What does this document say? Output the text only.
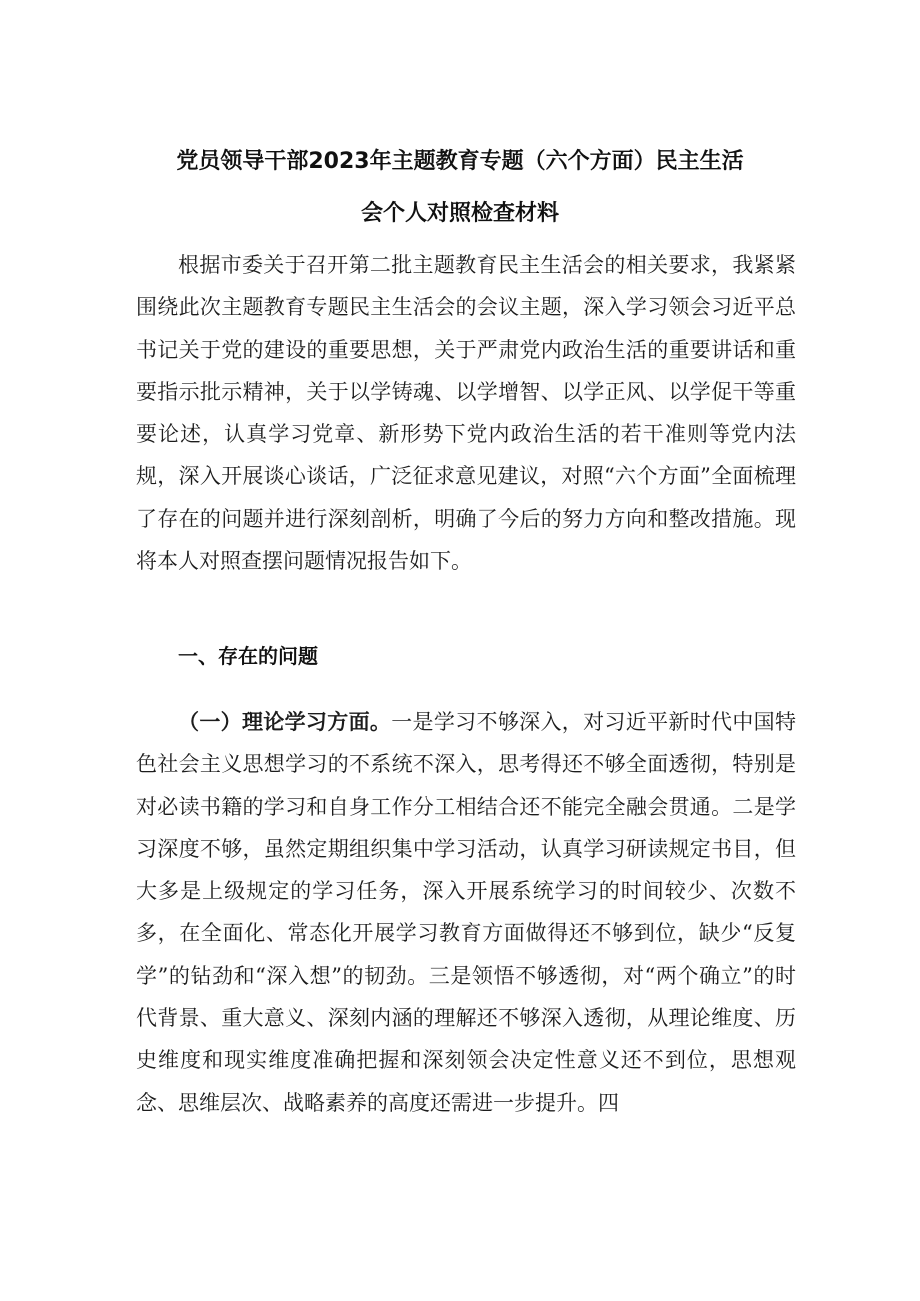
党员领导干部2023年主题教育专题（六个方面）民主生活
会个人对照检查材料

根据市委关于召开第二批主题教育民主生活会的相关要求，我紧紧围绕此次主题教育专题民主生活会的会议主题，深入学习领会习近平总书记关于党的建设的重要思想，关于严肃党内政治生活的重要讲话和重要指示批示精神，关于以学铸魂、以学增智、以学正风、以学促干等重要论述，认真学习党章、新形势下党内政治生活的若干准则等党内法规，深入开展谈心谈话，广泛征求意见建议，对照“六个方面”全面梳理了存在的问题并进行深刻剖析，明确了今后的努力方向和整改措施。现将本人对照查摆问题情况报告如下。

一、存在的问题

（一）理论学习方面。一是学习不够深入，对习近平新时代中国特色社会主义思想学习的不系统不深入，思考得还不够全面透彻，特别是对必读书籍的学习和自身工作分工相结合还不能完全融会贯通。二是学习深度不够，虽然定期组织集中学习活动，认真学习研读规定书目，但大多是上级规定的学习任务，深入开展系统学习的时间较少、次数不多，在全面化、常态化开展学习教育方面做得还不够到位，缺少“反复学”的钻劲和“深入想”的韧劲。三是领悟不够透彻，对“两个确立”的时代背景、重大意义、深刻内涵的理解还不够深入透彻，从理论维度、历史维度和现实维度准确把握和深刻领会决定性意义还不到位，思想观念、思维层次、战略素养的高度还需进一步提升。四
